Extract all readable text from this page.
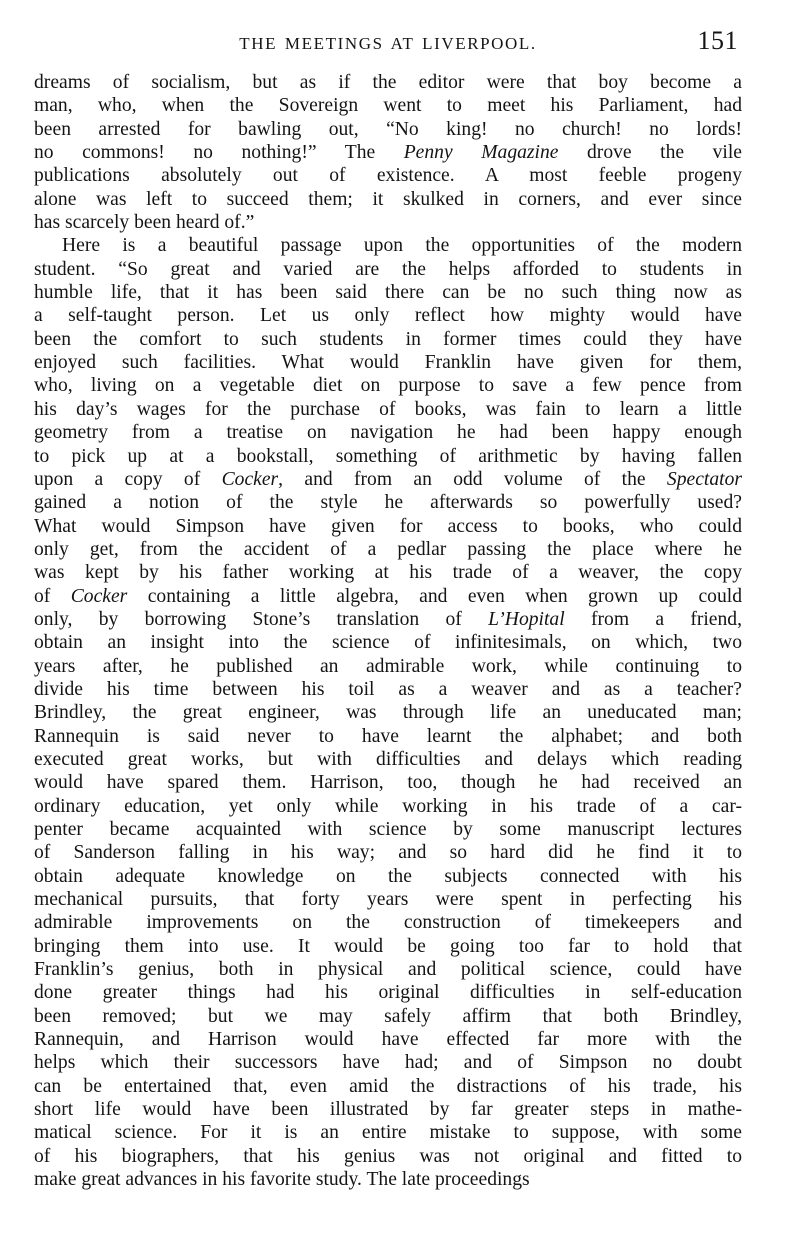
THE MEETINGS AT LIVERPOOL.	151
dreams of socialism, but as if the editor were that boy become a
man, who, when the Sovereign went to meet his Parliament, had
been arrested for bawling out, “No king! no church! no lords!
no commons! no nothing!” The Penny Magazine drove the vile
publications absolutely out of existence. A most feeble progeny
alone was left to succeed them; it skulked in corners, and ever since
has scarcely been heard of.”
Here is a beautiful passage upon the opportunities of the modern
student. “So great and varied are the helps afforded to students in
humble life, that it has been said there can be no such thing now as
a self-taught person. Let us only reflect how mighty would have
been the comfort to such students in former times could they have
enjoyed such facilities. What would Franklin have given for them,
who, living on a vegetable diet on purpose to save a few pence from
his day’s wages for the purchase of books, was fain to learn a little
geometry from a treatise on navigation he had been happy enough
to pick up at a bookstall, something of arithmetic by having fallen
upon a copy of Cocker, and from an odd volume of the Spectator
gained a notion of the style he afterwards so powerfully used?
What would Simpson have given for access to books, who could
only get, from the accident of a pedlar passing the place where he
was kept by his father working at his trade of a weaver, the copy
of Cocker containing a little algebra, and even when grown up could
only, by borrowing Stone’s translation of L’Hopital from a friend,
obtain an insight into the science of infinitesimals, on which, two
years after, he published an admirable work, while continuing to
divide his time between his toil as a weaver and as a teacher?
Brindley, the great engineer, was through life an uneducated man;
Rannequin is said never to have learnt the alphabet; and both
executed great works, but with difficulties and delays which reading
would have spared them. Harrison, too, though he had received an
ordinary education, yet only while working in his trade of a car-
penter became acquainted with science by some manuscript lectures
of Sanderson falling in his way; and so hard did he find it to
obtain adequate knowledge on the subjects connected with his
mechanical pursuits, that forty years were spent in perfecting his
admirable improvements on the construction of timekeepers and
bringing them into use. It would be going too far to hold that
Franklin’s genius, both in physical and political science, could have
done greater things had his original difficulties in self-education
been removed; but we may safely affirm that both Brindley,
Rannequin, and Harrison would have effected far more with the
helps which their successors have had; and of Simpson no doubt
can be entertained that, even amid the distractions of his trade, his
short life would have been illustrated by far greater steps in mathe-
matical science. For it is an entire mistake to suppose, with some
of his biographers, that his genius was not original and fitted to
make great advances in his favorite study. The late proceedings
